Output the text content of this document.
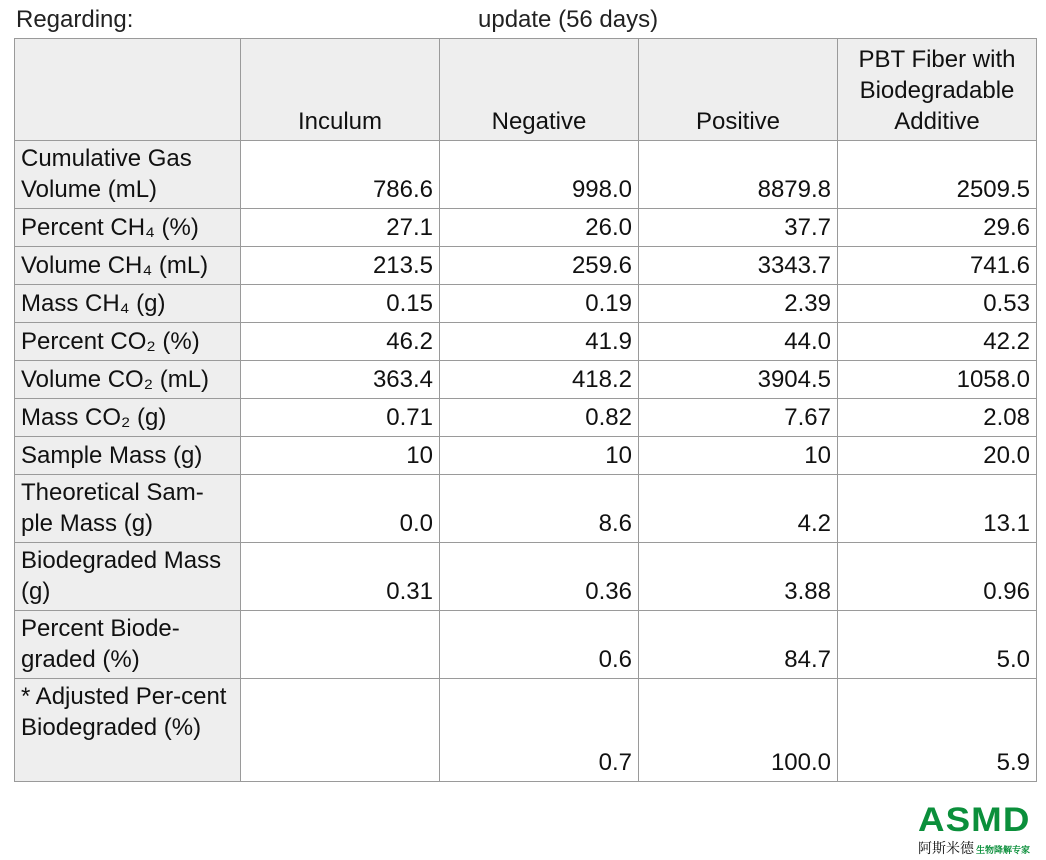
Regarding:	update (56 days)
	Inculum	Negative	Positive	PBT Fiber with Biodegradable Additive
Cumulative Gas Volume (mL)	786.6	998.0	8879.8	2509.5
Percent CH₄ (%)	27.1	26.0	37.7	29.6
Volume CH₄ (mL)	213.5	259.6	3343.7	741.6
Mass CH₄ (g)	0.15	0.19	2.39	0.53
Percent CO₂ (%)	46.2	41.9	44.0	42.2
Volume CO₂ (mL)	363.4	418.2	3904.5	1058.0
Mass CO₂ (g)	0.71	0.82	7.67	2.08
Sample Mass (g)	10	10	10	20.0
Theoretical Sam-ple Mass (g)	0.0	8.6	4.2	13.1
Biodegraded Mass (g)	0.31	0.36	3.88	0.96
Percent Biode-graded (%)		0.6	84.7	5.0
* Adjusted Per-cent Biodegraded (%)		0.7	100.0	5.9
ASMD
阿斯米德 生物降解专家
